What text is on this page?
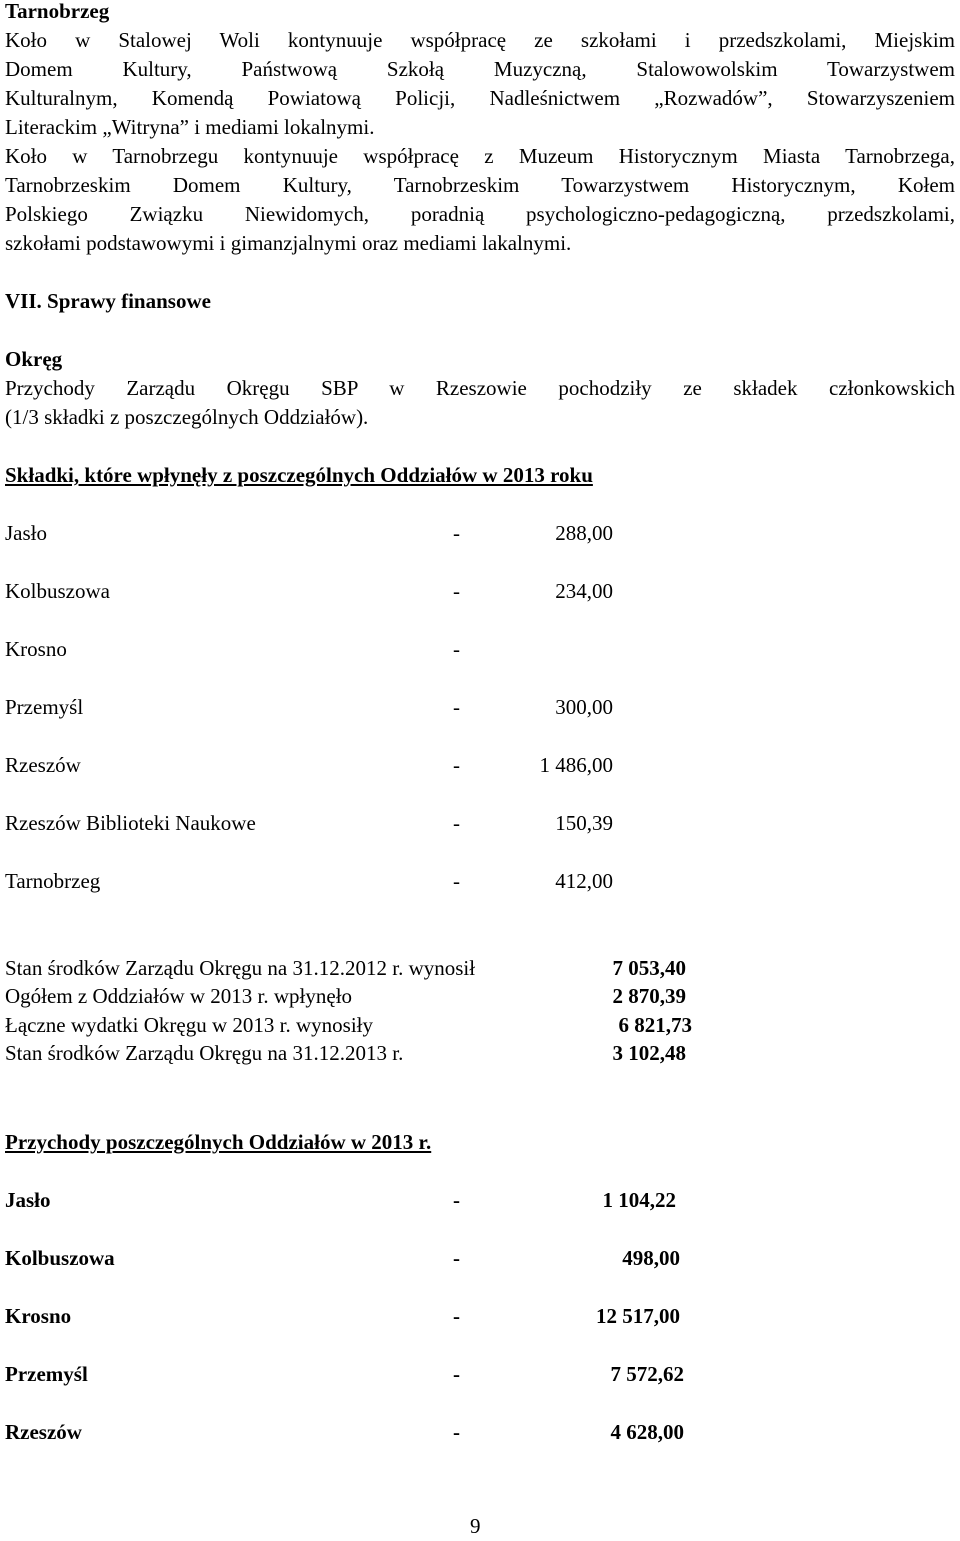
Tarnobrzeg
Koło w Stalowej Woli kontynuuje współpracę ze szkołami i przedszkolami, Miejskim
Domem Kultury, Państwową Szkołą Muzyczną, Stalowowolskim Towarzystwem
Kulturalnym, Komendą Powiatową Policji, Nadleśnictwem „Rozwadów”, Stowarzyszeniem
Literackim „Witryna” i mediami lokalnymi.
Koło w Tarnobrzegu kontynuuje współpracę z Muzeum Historycznym Miasta Tarnobrzega,
Tarnobrzeskim Domem Kultury, Tarnobrzeskim Towarzystwem Historycznym, Kołem
Polskiego Związku Niewidomych, poradnią psychologiczno-pedagogiczną, przedszkolami,
szkołami podstawowymi i gimanzjalnymi oraz mediami lakalnymi.
VII. Sprawy finansowe
Okręg
Przychody Zarządu Okręgu SBP w Rzeszowie pochodziły ze składek członkowskich
(1/3 składki z poszczególnych Oddziałów).
Składki, które wpłynęły z poszczególnych Oddziałów w 2013 roku
Jasło	-	288,00
Kolbuszowa	-	234,00
Krosno	-
Przemyśl	-	300,00
Rzeszów	-	1 486,00
Rzeszów Biblioteki Naukowe	-	150,39
Tarnobrzeg	-	412,00
Stan środków Zarządu Okręgu na 31.12.2012 r. wynosił	7 053,40
Ogółem z Oddziałów w 2013 r. wpłynęło	2 870,39
Łączne wydatki Okręgu w 2013 r. wynosiły	6 821,73
Stan środków Zarządu Okręgu na 31.12.2013 r.	3 102,48
Przychody poszczególnych Oddziałów w 2013 r.
Jasło	-	1 104,22
Kolbuszowa	-	498,00
Krosno	-	12 517,00
Przemyśl	-	7 572,62
Rzeszów	-	4 628,00
9
